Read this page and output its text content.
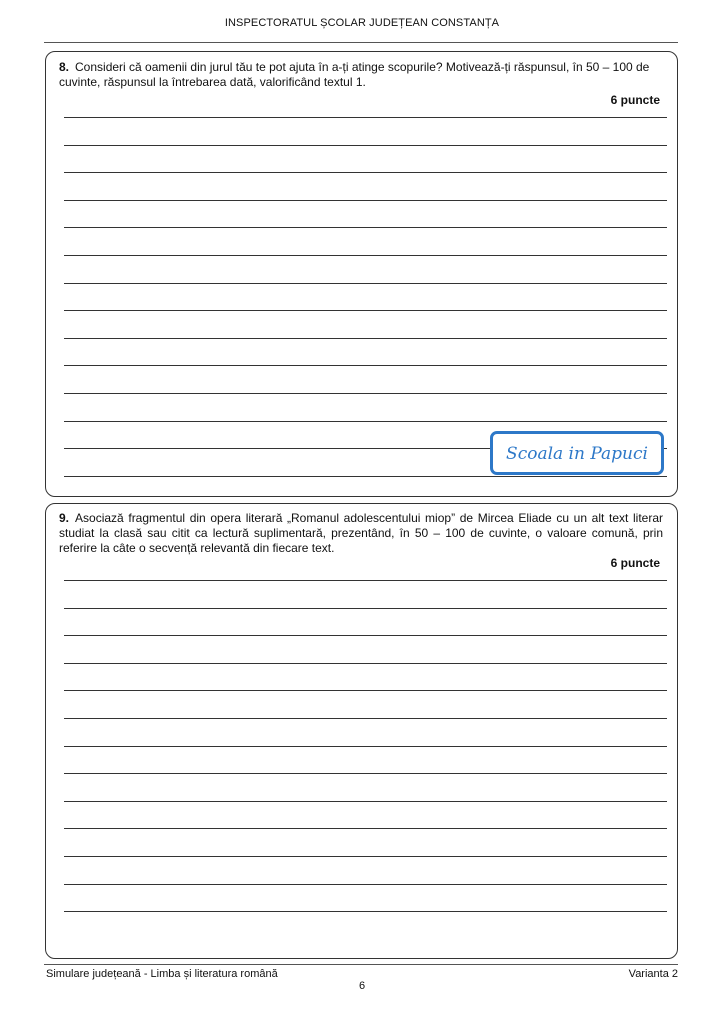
INSPECTORATUL ȘCOLAR JUDEȚEAN CONSTANȚA
8. Consideri că oamenii din jurul tău te pot ajuta în a-ți atinge scopurile? Motivează-ți răspunsul, în 50 – 100 de cuvinte, răspunsul la întrebarea dată, valorificând textul 1.
6 puncte
Scoala in Papuci
9. Asociază fragmentul din opera literară „Romanul adolescentului miop” de Mircea Eliade cu un alt text literar studiat la clasă sau citit ca lectură suplimentară, prezentând, în 50 – 100 de cuvinte, o valoare comună, prin referire la câte o secvență relevantă din fiecare text.
6 puncte
Simulare județeană - Limba și literatura română	Varianta 2
6
